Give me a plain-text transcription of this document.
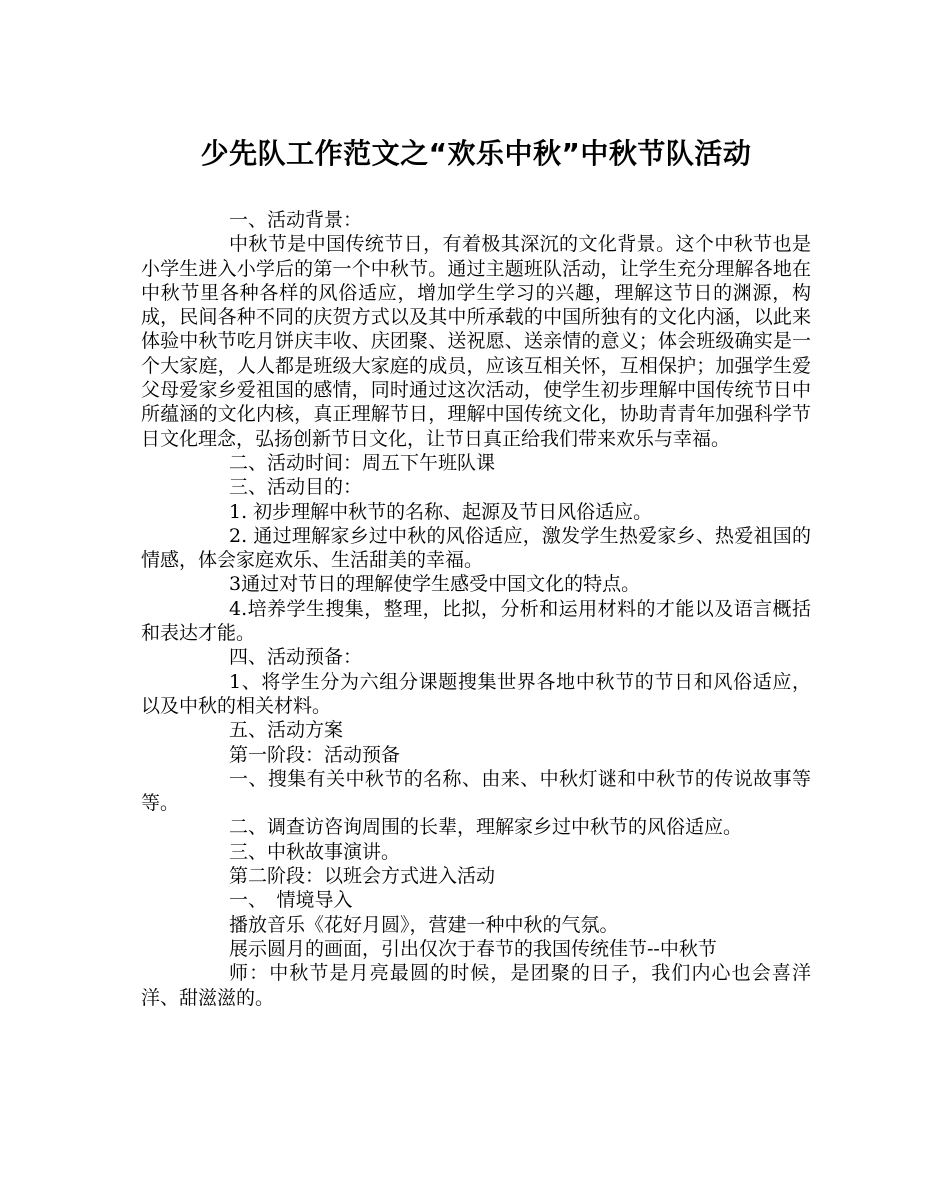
少先队工作范文之“欢乐中秋”中秋节队活动

一、活动背景：

中秋节是中国传统节日，有着极其深沉的文化背景。这个中秋节也是小学生进入小学后的第一个中秋节。通过主题班队活动，让学生充分理解各地在中秋节里各种各样的风俗适应，增加学生学习的兴趣，理解这节日的渊源，构成，民间各种不同的庆贺方式以及其中所承载的中国所独有的文化内涵，以此来体验中秋节吃月饼庆丰收、庆团聚、送祝愿、送亲情的意义；体会班级确实是一个大家庭，人人都是班级大家庭的成员，应该互相关怀，互相保护；加强学生爱父母爱家乡爱祖国的感情，同时通过这次活动，使学生初步理解中国传统节日中所蕴涵的文化内核，真正理解节日，理解中国传统文化，协助青青年加强科学节日文化理念，弘扬创新节日文化，让节日真正给我们带来欢乐与幸福。

二、活动时间：周五下午班队课

三、活动目的：

1. 初步理解中秋节的名称、起源及节日风俗适应。

2. 通过理解家乡过中秋的风俗适应，激发学生热爱家乡、热爱祖国的情感，体会家庭欢乐、生活甜美的幸福。

3通过对节日的理解使学生感受中国文化的特点。

4.培养学生搜集，整理，比拟，分析和运用材料的才能以及语言概括和表达才能。

四、活动预备：

1、将学生分为六组分课题搜集世界各地中秋节的节日和风俗适应，以及中秋的相关材料。

五、活动方案

第一阶段：活动预备

一、搜集有关中秋节的名称、由来、中秋灯谜和中秋节的传说故事等等。

二、调查访咨询周围的长辈，理解家乡过中秋节的风俗适应。

三、中秋故事演讲。

第二阶段：以班会方式进入活动

一、　情境导入

播放音乐《花好月圆》，营建一种中秋的气氛。

展示圆月的画面，引出仅次于春节的我国传统佳节--中秋节

师：中秋节是月亮最圆的时候，是团聚的日子，我们内心也会喜洋洋、甜滋滋的。
